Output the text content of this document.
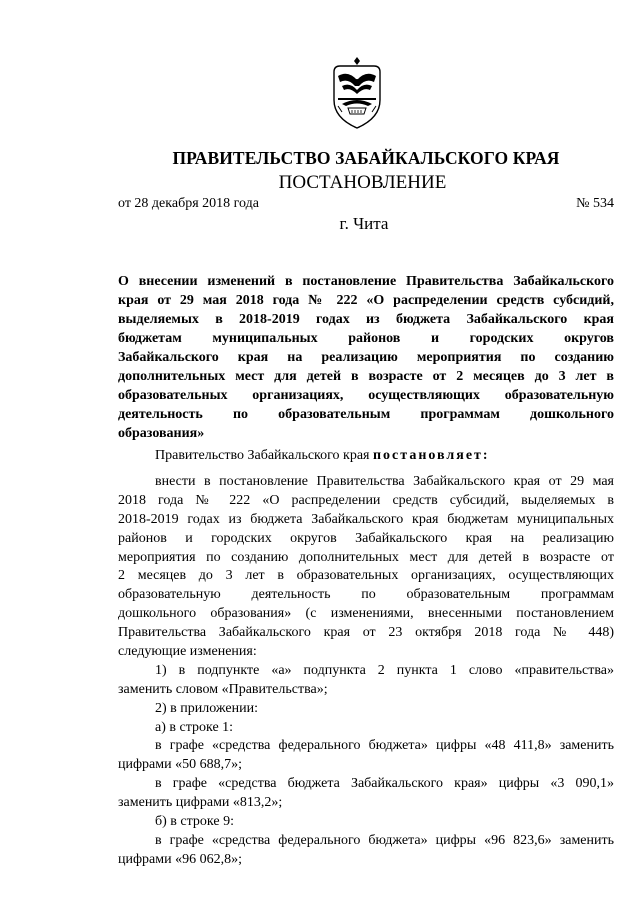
ПРАВИТЕЛЬСТВО ЗАБАЙКАЛЬСКОГО КРАЯ
ПОСТАНОВЛЕНИЕ
от 28 декабря 2018 года	№ 534
г. Чита
О внесении изменений в постановление Правительства Забайкальского
края от 29 мая 2018 года № 222 «О распределении средств субсидий,
выделяемых в 2018-2019 годах из бюджета Забайкальского края
бюджетам муниципальных районов и городских округов
Забайкальского края на реализацию мероприятия по созданию
дополнительных мест для детей в возрасте от 2 месяцев до 3 лет в
образовательных организациях, осуществляющих образовательную
деятельность по образовательным программам дошкольного
образования»
Правительство Забайкальского края постановляет:
внести в постановление Правительства Забайкальского края от 29 мая
2018 года № 222 «О распределении средств субсидий, выделяемых в
2018-2019 годах из бюджета Забайкальского края бюджетам муниципальных
районов и городских округов Забайкальского края на реализацию
мероприятия по созданию дополнительных мест для детей в возрасте от
2 месяцев до 3 лет в образовательных организациях, осуществляющих
образовательную деятельность по образовательным программам
дошкольного образования» (с изменениями, внесенными постановлением
Правительства Забайкальского края от 23 октября 2018 года № 448)
следующие изменения:
1) в подпункте «а» подпункта 2 пункта 1 слово «правительства»
заменить словом «Правительства»;
2) в приложении:
а) в строке 1:
в графе «средства федерального бюджета» цифры «48 411,8» заменить
цифрами «50 688,7»;
в графе «средства бюджета Забайкальского края» цифры «3 090,1»
заменить цифрами «813,2»;
б) в строке 9:
в графе «средства федерального бюджета» цифры «96 823,6» заменить
цифрами «96 062,8»;
